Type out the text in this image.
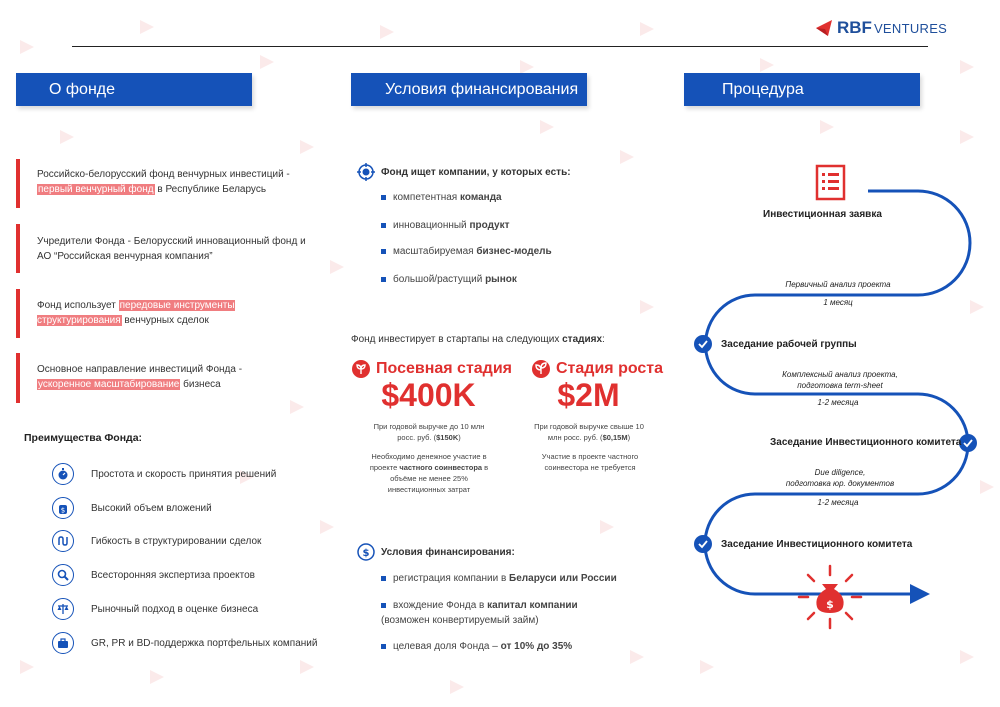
RBF VENTURES
О фонде	Условия финансирования	Процедура
Российско-белорусский фонд венчурных инвестиций - первый венчурный фонд в Республике Беларусь
Учредители Фонда - Белорусский инновационный фонд и АО “Российская венчурная компания”
Фонд использует передовые инструменты структурирования венчурных сделок
Основное направление инвестиций Фонда - ускоренное масштабирование бизнеса
Преимущества Фонда:
Простота и скорость принятия решений
$	Высокий объем вложений
Гибкость в структурировании сделок
Всесторонняя экспертиза проектов
Рыночный подход в оценке бизнеса
GR, PR и BD-поддержка портфельных компаний
Фонд ищет компании, у которых есть:
компетентная команда
инновационный продукт
масштабируемая бизнес-модель
большой/растущий рынок
Фонд инвестирует в стартапы на следующих стадиях:
Посевная стадия
$400K
При годовой выручке до 10 млн росс. руб. ($150K)
Необходимо денежное участие в проекте частного соинвестора в объёме не менее 25% инвестиционных затрат
Стадия роста
$2M
При годовой выручке свыше 10 млн росс. руб. ($0,15M)
Участие в проекте частного соинвестора не требуется
$ Условия финансирования:
регистрация компании в Беларуси или России
вхождение Фонда в капитал компании
(возможен конвертируемый займ)
целевая доля Фонда – от 10% до 35%
$
Инвестиционная заявка
Первичный анализ проекта
1 месяц
Заседание рабочей группы
Комплексный анализ проекта,
подготовка term-sheet
1-2 месяца
Заседание Инвестиционного комитета
Due diligence,
подготовка юр. документов
1-2 месяца
Заседание Инвестиционного комитета
